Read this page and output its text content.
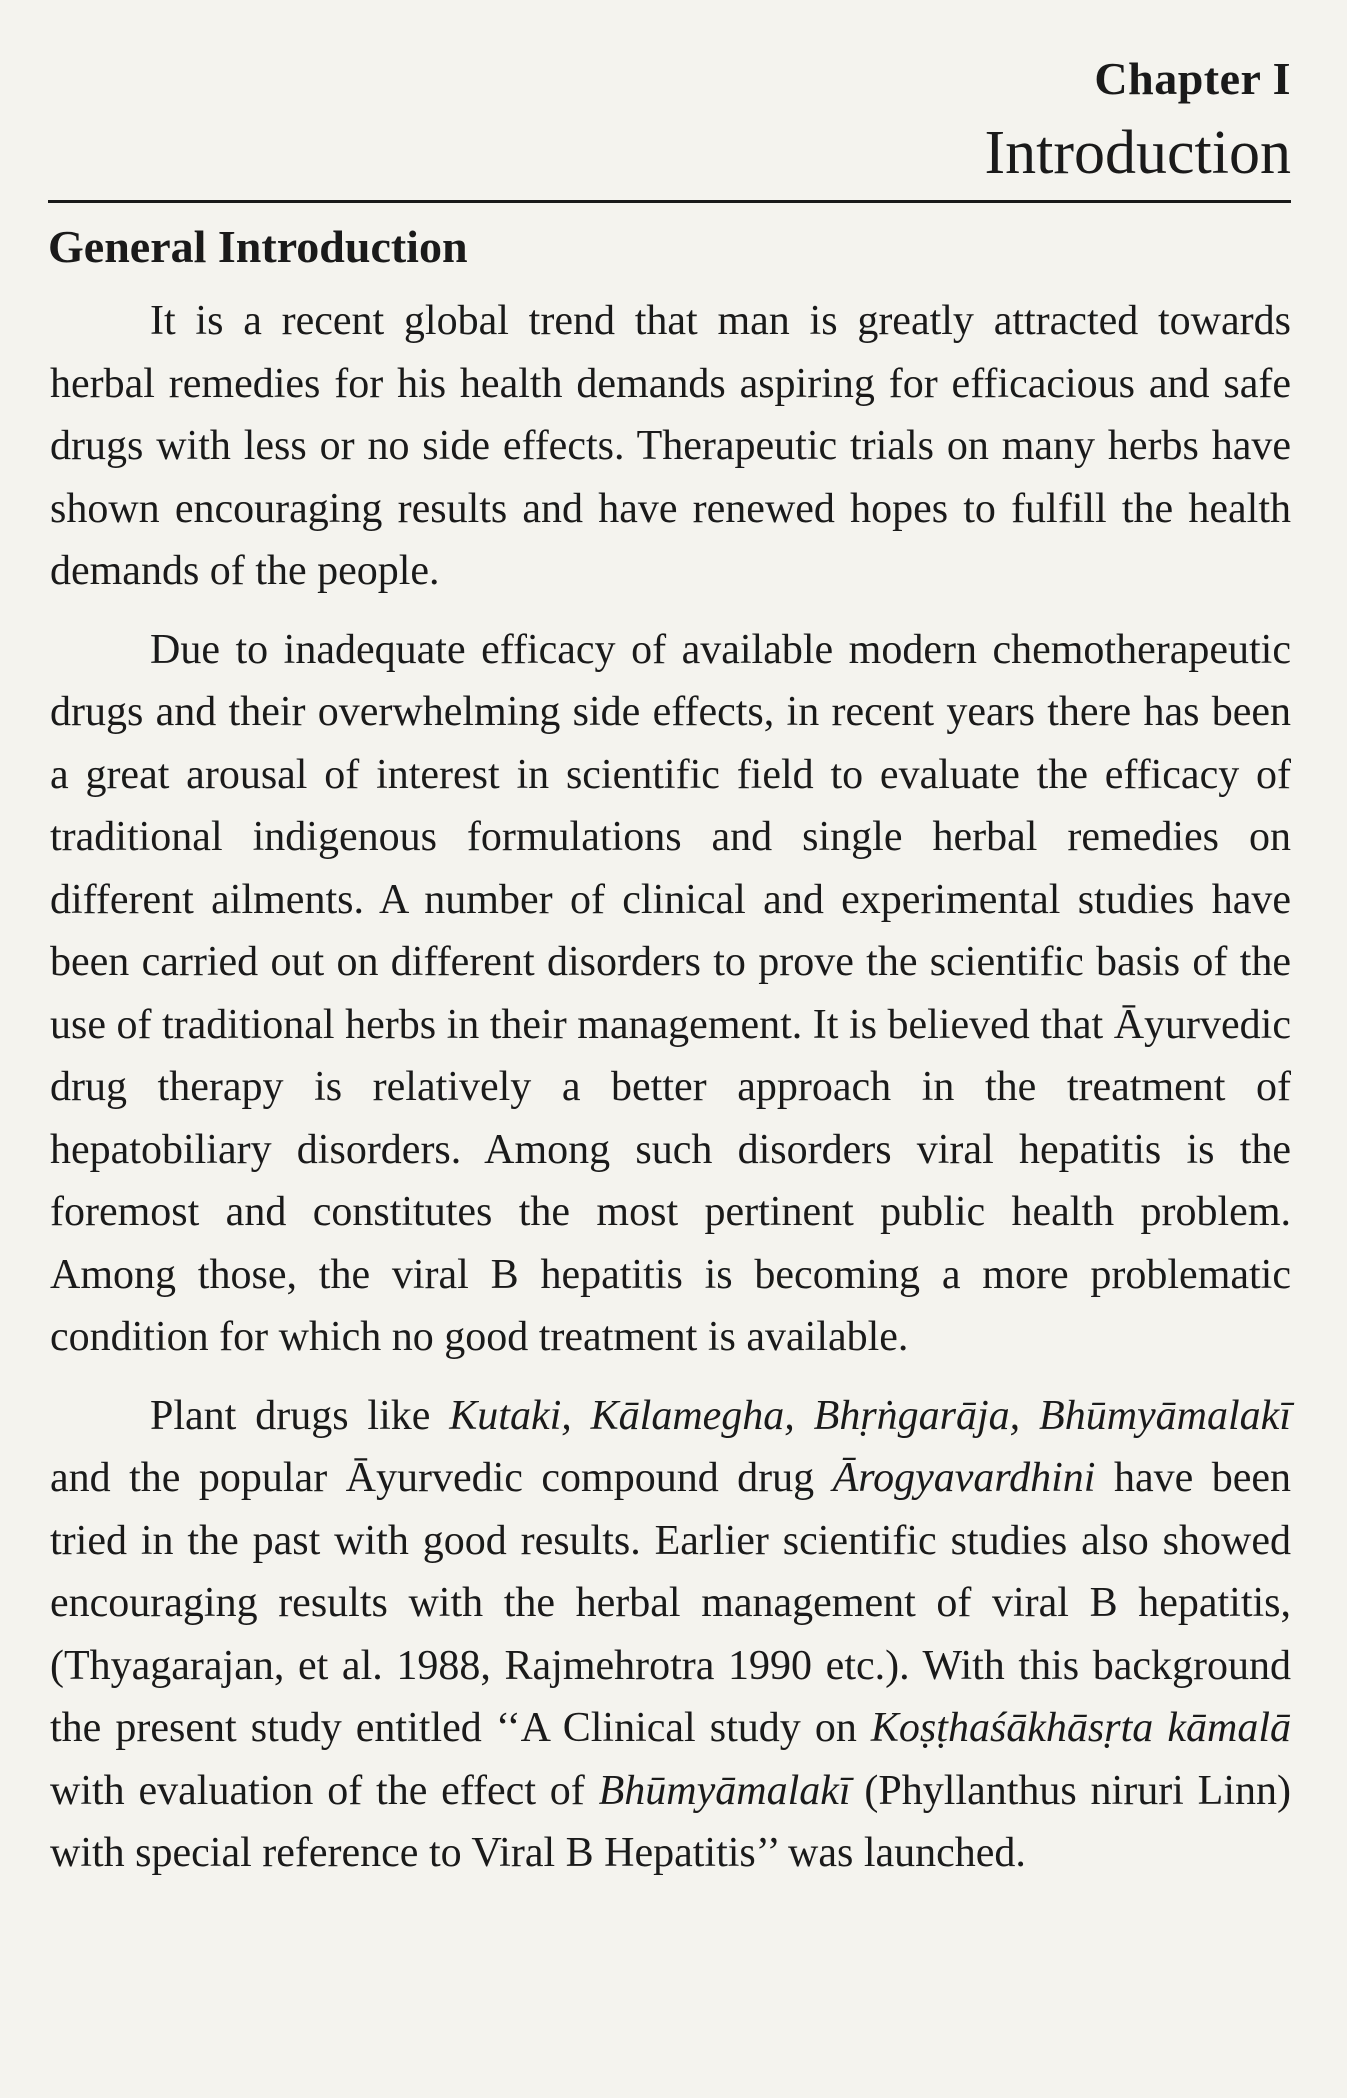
Chapter I
Introduction
General Introduction

It is a recent global trend that man is greatly attracted towards herbal remedies for his health demands aspiring for efficacious and safe drugs with less or no side effects. Therapeutic trials on many herbs have shown encouraging results and have renewed hopes to fulfill the health demands of the people.

Due to inadequate efficacy of available modern chemotherapeutic drugs and their overwhelming side effects, in recent years there has been a great arousal of interest in scientific field to evaluate the efficacy of traditional indigenous formulations and single herbal remedies on different ailments. A number of clinical and experimental studies have been carried out on different disorders to prove the scientific basis of the use of traditional herbs in their management. It is believed that Āyurvedic drug therapy is relatively a better approach in the treatment of hepatobiliary disorders. Among such disorders viral hepatitis is the foremost and constitutes the most pertinent public health problem. Among those, the viral B hepatitis is becoming a more problematic condition for which no good treatment is available.

Plant drugs like Kutaki, Kālamegha, Bhṛṅgarāja, Bhūmyāmalakī and the popular Āyurvedic compound drug Ārogyavardhini have been tried in the past with good results. Earlier scientific studies also showed encouraging results with the herbal management of viral B hepatitis, (Thyagarajan, et al. 1988, Rajmehrotra 1990 etc.). With this background the present study entitled ‘‘A Clinical study on Koṣṭhaśākhāsṛta kāmalā with evaluation of the effect of Bhūmyāmalakī (Phyllanthus niruri Linn) with special reference to Viral B Hepatitis’’ was launched.
